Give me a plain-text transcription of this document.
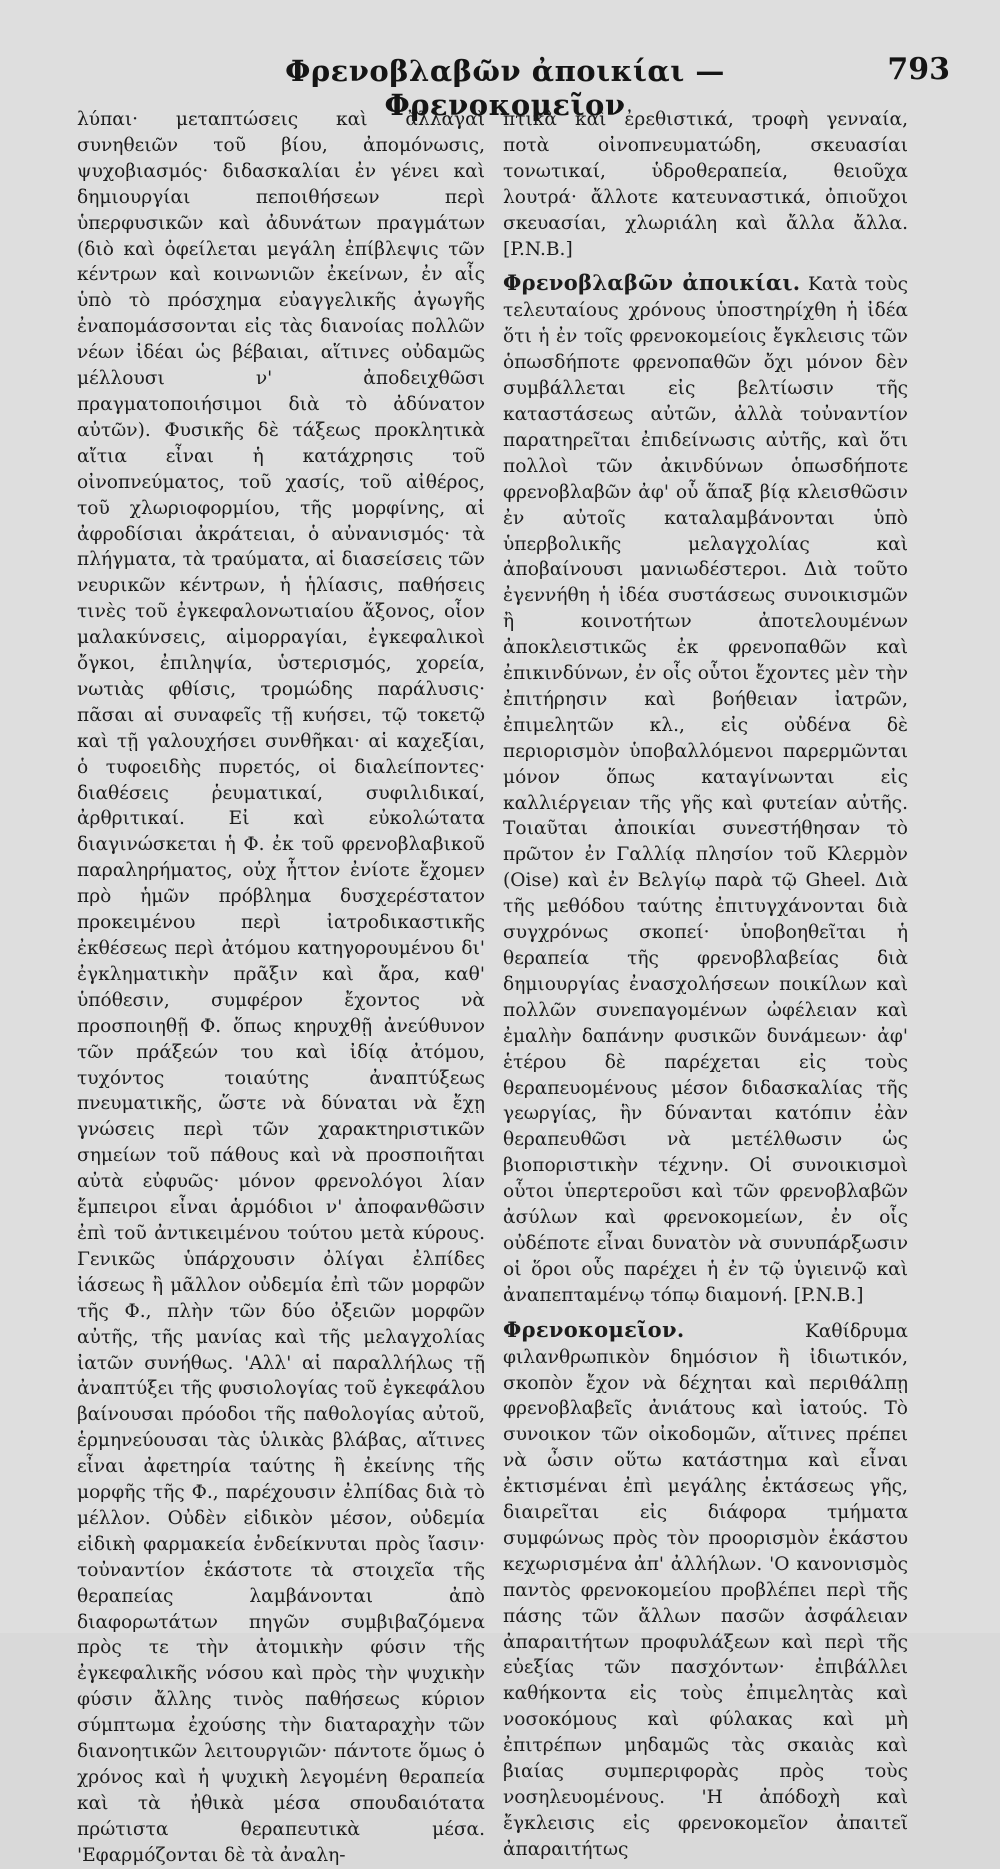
Φρενοβλαβῶν ἀποικίαι — Φρενοκομεῖον
793

λύπαι· μεταπτώσεις καὶ ἄλλαγαὶ συνηθειῶν τοῦ βίου, ἀπομόνωσις, ψυχοβιασμός· διδασκαλίαι ἐν γένει καὶ δημιουργίαι πεποιθήσεων περὶ ὑπερφυσικῶν καὶ ἀδυνάτων πραγμάτων (διὸ καὶ ὀφείλεται μεγάλη ἐπίβλεψις τῶν κέντρων καὶ κοινωνιῶν ἐκείνων, ἐν αἷς ὑπὸ τὸ πρόσχημα εὐαγγελικῆς ἀγωγῆς ἐναπομάσσονται εἰς τὰς διανοίας πολλῶν νέων ἰδέαι ὡς βέβαιαι, αἵτινες οὐδαμῶς μέλλουσι ν' ἀποδειχθῶσι πραγματοποιήσιμοι διὰ τὸ ἀδύνατον αὐτῶν). Φυσικῆς δὲ τάξεως προκλητικὰ αἴτια εἶναι ἡ κατάχρησις τοῦ οἰνοπνεύματος, τοῦ χασίς, τοῦ αἰθέρος, τοῦ χλωριοφορμίου, τῆς μορφίνης, αἱ ἀφροδίσιαι ἀκράτειαι, ὁ αὐνανισμός· τὰ πλήγματα, τὰ τραύματα, αἱ διασείσεις τῶν νευρικῶν κέντρων, ἡ ἡλίασις, παθήσεις τινὲς τοῦ ἐγκεφαλονωτιαίου ἄξονος, οἷον μαλακύνσεις, αἱμορραγίαι, ἐγκεφαλικοὶ ὄγκοι, ἐπιληψία, ὑστερισμός, χορεία, νωτιὰς φθίσις, τρομώδης παράλυσις· πᾶσαι αἱ συναφεῖς τῇ κυήσει, τῷ τοκετῷ καὶ τῇ γαλουχήσει συνθῆκαι· αἱ καχεξίαι, ὁ τυφοειδὴς πυρετός, οἱ διαλείποντες· διαθέσεις ῥευματικαί, συφιλιδικαί, ἀρθριτικαί. Εἰ καὶ εὐκολώτατα διαγινώσκεται ἡ Φ. ἐκ τοῦ φρενοβλαβικοῦ παραληρήματος, οὐχ ἧττον ἐνίοτε ἔχομεν πρὸ ἡμῶν πρόβλημα δυσχερέστατον προκειμένου περὶ ἰατροδικαστικῆς ἐκθέσεως περὶ ἀτόμου κατηγορουμένου δι' ἐγκληματικὴν πρᾶξιν καὶ ἄρα, καθ' ὑπόθεσιν, συμφέρον ἔχοντος νὰ προσποιηθῇ Φ. ὅπως κηρυχθῇ ἀνεύθυνον τῶν πράξεών του καὶ ἰδίᾳ ἀτόμου, τυχόντος τοιαύτης ἀναπτύξεως πνευματικῆς, ὥστε νὰ δύναται νὰ ἔχῃ γνώσεις περὶ τῶν χαρακτηριστικῶν σημείων τοῦ πάθους καὶ νὰ προσποιῆται αὐτὰ εὐφυῶς· μόνον φρενολόγοι λίαν ἔμπειροι εἶναι ἁρμόδιοι ν' ἀποφανθῶσιν ἐπὶ τοῦ ἀντικειμένου τούτου μετὰ κύρους. Γενικῶς ὑπάρχουσιν ὀλίγαι ἐλπίδες ἰάσεως ἢ μᾶλλον οὐδεμία ἐπὶ τῶν μορφῶν τῆς Φ., πλὴν τῶν δύο ὀξειῶν μορφῶν αὐτῆς, τῆς μανίας καὶ τῆς μελαγχολίας ἰατῶν συνήθως. 'Αλλ' αἱ παραλλήλως τῇ ἀναπτύξει τῆς φυσιολογίας τοῦ ἐγκεφάλου βαίνουσαι πρόοδοι τῆς παθολογίας αὐτοῦ, ἑρμηνεύουσαι τὰς ὑλικὰς βλάβας, αἵτινες εἶναι ἀφετηρία ταύτης ἢ ἐκείνης τῆς μορφῆς τῆς Φ., παρέχουσιν ἐλπίδας διὰ τὸ μέλλον. Οὐδὲν εἰδικὸν μέσον, οὐδεμία εἰδικὴ φαρμακεία ἐνδείκνυται πρὸς ἴασιν· τοὐναντίον ἑκάστοτε τὰ στοιχεῖα τῆς θεραπείας λαμβάνονται ἀπὸ διαφορωτάτων πηγῶν συμβιβαζόμενα πρὸς τε τὴν ἀτομικὴν φύσιν τῆς ἐγκεφαλικῆς νόσου καὶ πρὸς τὴν ψυχικὴν φύσιν ἄλλης τινὸς παθήσεως κύριον σύμπτωμα ἐχούσης τὴν διαταραχὴν τῶν διανοητικῶν λειτουργιῶν· πάντοτε ὅμως ὁ χρόνος καὶ ἡ ψυχικὴ λεγομένη θεραπεία καὶ τὰ ἠθικὰ μέσα σπουδαιότατα πρώτιστα θεραπευτικὰ μέσα. 'Εφαρμόζονται δὲ τὰ ἀναλη-

πτικὰ καὶ ἐρεθιστικά, τροφὴ γενναία, ποτὰ οἰνοπνευματώδη, σκευασίαι τονωτικαί, ὑδροθεραπεία, θειοῦχα λουτρά· ἄλλοτε κατευναστικά, ὀπιοῦχοι σκευασίαι, χλωριάλη καὶ ἄλλα ἄλλα. [P.N.B.]

Φρενοβλαβῶν ἀποικίαι. Κατὰ τοὺς τελευταίους χρόνους ὑποστηρίχθη ἡ ἰδέα ὅτι ἡ ἐν τοῖς φρενοκομείοις ἔγκλεισις τῶν ὁπωσδήποτε φρενοπαθῶν ὄχι μόνον δὲν συμβάλλεται εἰς βελτίωσιν τῆς καταστάσεως αὐτῶν, ἀλλὰ τοὐναντίον παρατηρεῖται ἐπιδείνωσις αὐτῆς, καὶ ὅτι πολλοὶ τῶν ἀκινδύνων ὁπωσδήποτε φρενοβλαβῶν ἀφ' οὗ ἅπαξ βίᾳ κλεισθῶσιν ἐν αὐτοῖς καταλαμβάνονται ὑπὸ ὑπερβολικῆς μελαγχολίας καὶ ἀποβαίνουσι μανιωδέστεροι. Διὰ τοῦτο ἐγεννήθη ἡ ἰδέα συστάσεως συνοικισμῶν ἢ κοινοτήτων ἀποτελουμένων ἀποκλειστικῶς ἐκ φρενοπαθῶν καὶ ἐπικινδύνων, ἐν οἷς οὗτοι ἔχοντες μὲν τὴν ἐπιτήρησιν καὶ βοήθειαν ἰατρῶν, ἐπιμελητῶν κλ., εἰς οὐδένα δὲ περιορισμὸν ὑποβαλλόμενοι παρερμῶνται μόνον ὅπως καταγίνωνται εἰς καλλιέργειαν τῆς γῆς καὶ φυτείαν αὐτῆς. Τοιαῦται ἀποικίαι συνεστήθησαν τὸ πρῶτον ἐν Γαλλίᾳ πλησίον τοῦ Κλερμὸν (Oise) καὶ ἐν Βελγίῳ παρὰ τῷ Gheel. Διὰ τῆς μεθόδου ταύτης ἐπιτυγχάνονται διὰ συγχρόνως σκοπεί· ὑποβοηθεῖται ἡ θεραπεία τῆς φρενοβλαβείας διὰ δημιουργίας ἐνασχολήσεων ποικίλων καὶ πολλῶν συνεπαγομένων ὠφέλειαν καὶ ἐμαλὴν δαπάνην φυσικῶν δυνάμεων· ἀφ' ἑτέρου δὲ παρέχεται εἰς τοὺς θεραπευομένους μέσον διδασκαλίας τῆς γεωργίας, ἣν δύνανται κατόπιν ἐὰν θεραπευθῶσι νὰ μετέλθωσιν ὡς βιοποριστικὴν τέχνην. Οἱ συνοικισμοὶ οὗτοι ὑπερτεροῦσι καὶ τῶν φρενοβλαβῶν ἀσύλων καὶ φρενοκομείων, ἐν οἷς οὐδέποτε εἶναι δυνατὸν νὰ συνυπάρξωσιν οἱ ὅροι οὗς παρέχει ἡ ἐν τῷ ὑγιεινῷ καὶ ἀναπεπταμένῳ τόπῳ διαμονή. [P.N.B.]

Φρενοκομεῖον.	Καθίδρυμα φιλανθρωπικὸν δημόσιον ἢ ἰδιωτικόν, σκοπὸν ἔχον νὰ δέχηται καὶ περιθάλπῃ φρενοβλαβεῖς ἀνιάτους καὶ ἰατούς. Τὸ συνοικον τῶν οἰκοδομῶν, αἵτινες πρέπει νὰ ὦσιν οὕτω κατάστημα καὶ εἶναι ἐκτισμέναι ἐπὶ μεγάλης ἐκτάσεως γῆς, διαιρεῖται εἰς διάφορα τμήματα συμφώνως πρὸς τὸν προορισμὸν ἑκάστου κεχωρισμένα ἀπ' ἀλλήλων. 'Ο κανονισμὸς παντὸς φρενοκομείου προβλέπει περὶ τῆς πάσης τῶν ἄλλων πασῶν ἀσφάλειαν ἀπαραιτήτων προφυλάξεων καὶ περὶ τῆς εὐεξίας τῶν πασχόντων· ἐπιβάλλει καθήκοντα εἰς τοὺς ἐπιμελητὰς καὶ νοσοκόμους καὶ φύλακας καὶ μὴ ἐπιτρέπων μηδαμῶς τὰς σκαιὰς καὶ βιαίας συμπεριφορὰς πρὸς τοὺς νοσηλευομένους. 'Η ἀπόδοχὴ καὶ ἔγκλεισις εἰς φρενοκομεῖον ἀπαιτεῖ ἀπαραιτήτως
